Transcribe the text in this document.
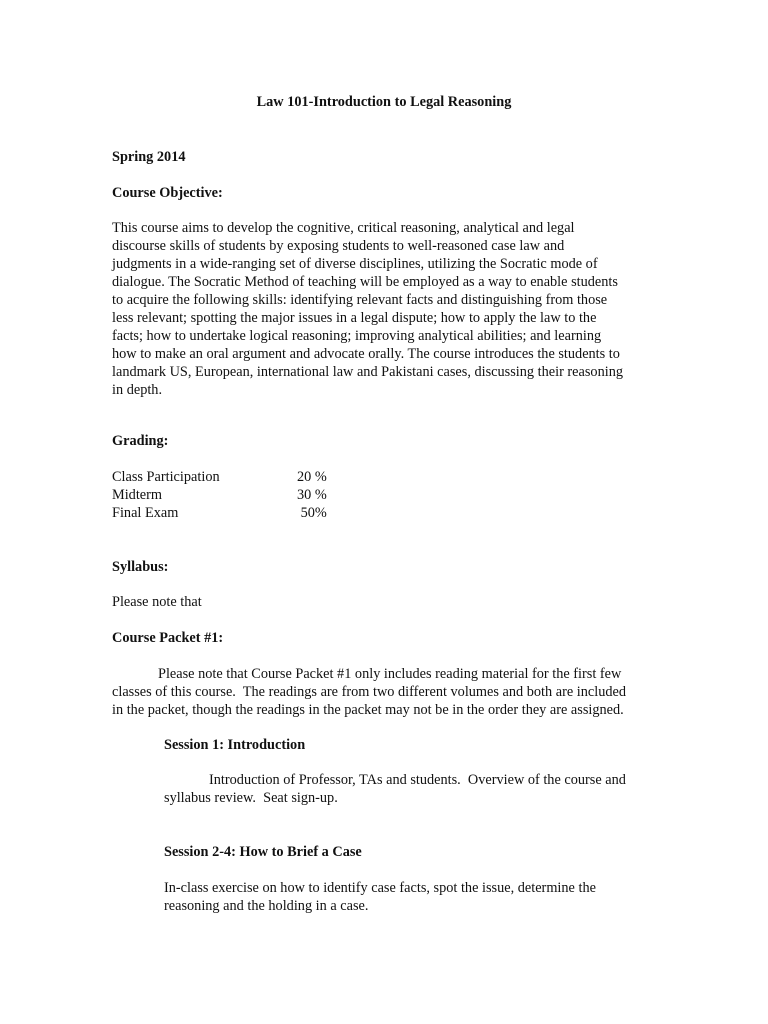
Law 101-Introduction to Legal Reasoning

Spring 2014

Course Objective:

This course aims to develop the cognitive, critical reasoning, analytical and legal
discourse skills of students by exposing students to well-reasoned case law and
judgments in a wide-ranging set of diverse disciplines, utilizing the Socratic mode of
dialogue. The Socratic Method of teaching will be employed as a way to enable students
to acquire the following skills: identifying relevant facts and distinguishing from those
less relevant; spotting the major issues in a legal dispute; how to apply the law to the
facts; how to undertake logical reasoning; improving analytical abilities; and learning
how to make an oral argument and advocate orally. The course introduces the students to
landmark US, European, international law and Pakistani cases, discussing their reasoning
in depth.

Grading:

Class Participation	20 %
Midterm	30 %
Final Exam	50%

Syllabus:

Please note that

Course Packet #1:

Please note that Course Packet #1 only includes reading material for the first few
classes of this course.  The readings are from two different volumes and both are included
in the packet, though the readings in the packet may not be in the order they are assigned.

Session 1: Introduction

Introduction of Professor, TAs and students.  Overview of the course and
syllabus review.  Seat sign-up.

Session 2-4: How to Brief a Case

In-class exercise on how to identify case facts, spot the issue, determine the
reasoning and the holding in a case.
